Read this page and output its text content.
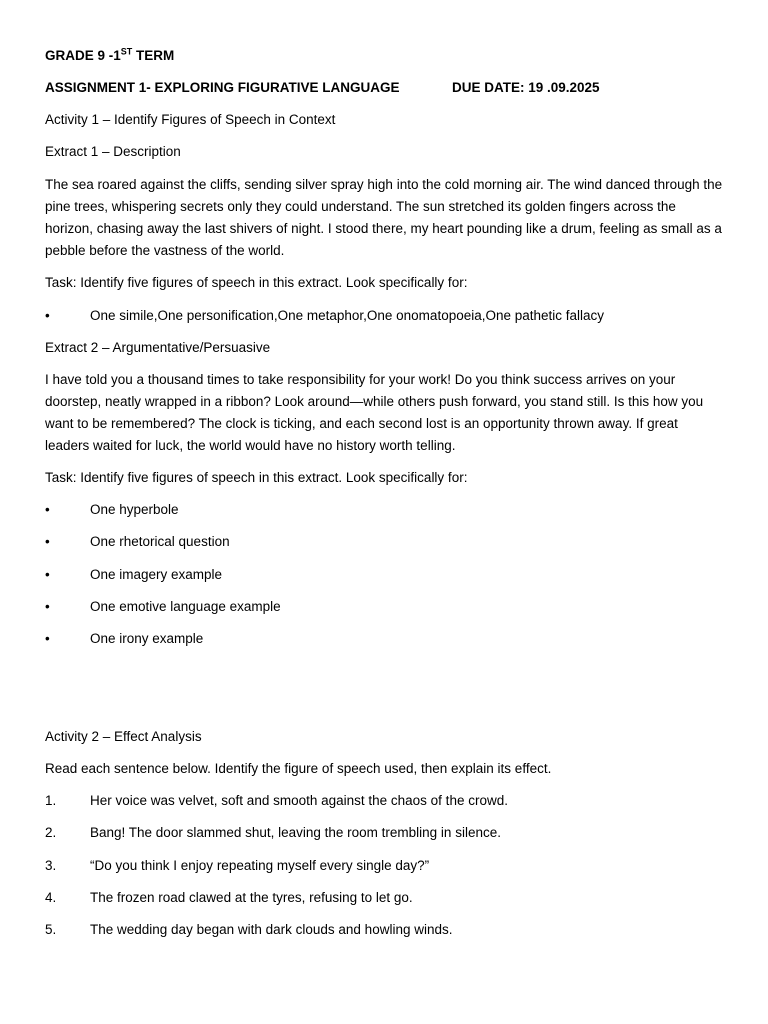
GRADE 9 -1ST TERM
ASSIGNMENT 1- EXPLORING FIGURATIVE LANGUAGE	DUE DATE: 19 .09.2025
Activity 1 – Identify Figures of Speech in Context
Extract 1 – Description
The sea roared against the cliffs, sending silver spray high into the cold morning air. The wind danced through the pine trees, whispering secrets only they could understand. The sun stretched its golden fingers across the horizon, chasing away the last shivers of night. I stood there, my heart pounding like a drum, feeling as small as a pebble before the vastness of the world.
Task: Identify five figures of speech in this extract. Look specifically for:
•	One simile,One personification,One metaphor,One onomatopoeia,One pathetic fallacy
Extract 2 – Argumentative/Persuasive
I have told you a thousand times to take responsibility for your work! Do you think success arrives on your doorstep, neatly wrapped in a ribbon? Look around—while others push forward, you stand still. Is this how you want to be remembered? The clock is ticking, and each second lost is an opportunity thrown away. If great leaders waited for luck, the world would have no history worth telling.
Task: Identify five figures of speech in this extract. Look specifically for:
•	One hyperbole
•	One rhetorical question
•	One imagery example
•	One emotive language example
•	One irony example
Activity 2 – Effect Analysis
Read each sentence below. Identify the figure of speech used, then explain its effect.
1. Her voice was velvet, soft and smooth against the chaos of the crowd.
2. Bang! The door slammed shut, leaving the room trembling in silence.
3. “Do you think I enjoy repeating myself every single day?”
4. The frozen road clawed at the tyres, refusing to let go.
5. The wedding day began with dark clouds and howling winds.
